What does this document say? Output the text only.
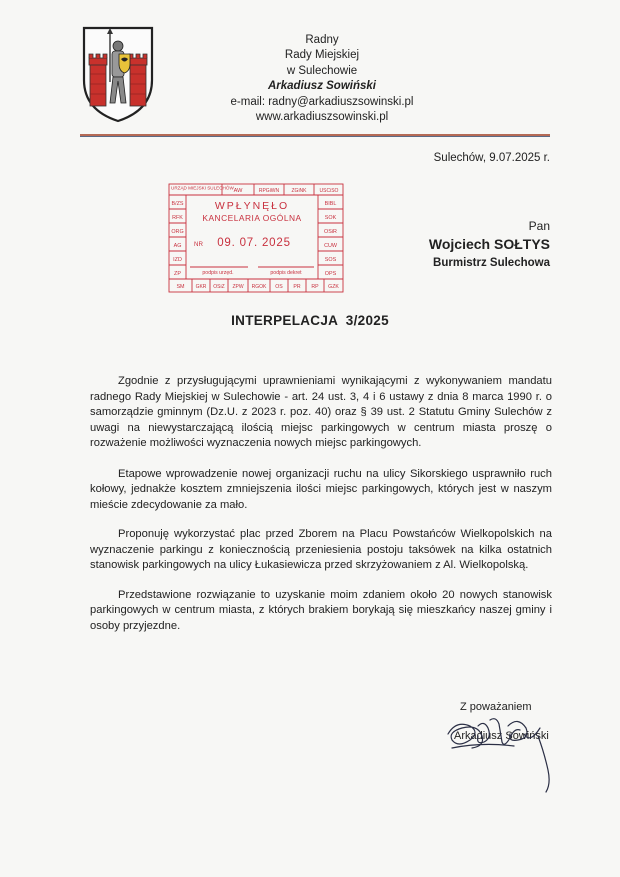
Radny
Rady Miejskiej
w Sulechowie
Arkadiusz Sowiński
e-mail: radny@arkadiuszsowinski.pl
www.arkadiuszsowinski.pl
Sulechów, 9.07.2025 r.
URZĄD MIEJSKI SULECHÓW AW	RPGiWN ZGiNK	USCiSO
B/ZS
RFK
ORG
AG
IZD
ZP
BIBL
SOK
OSiR
CUW
SOS
OPS
WPŁYNĘŁO
KANCELARIA OGÓLNA
NR 09. 07. 2025
podpis urzęd.	podpis dekret
SM GKR OSiZ ZPW RGOK OS PR RP GZK
Pan
Wojciech SOŁTYS
Burmistrz Sulechowa
INTERPELACJA  3/2025

Zgodnie z przysługującymi uprawnieniami wynikającymi z wykonywaniem mandatu radnego Rady Miejskiej w Sulechowie - art. 24 ust. 3, 4 i 6 ustawy z dnia 8 marca 1990 r. o samorządzie gminnym (Dz.U. z 2023 r. poz. 40) oraz § 39 ust. 2 Statutu Gminy Sulechów z uwagi na niewystarczającą ilością miejsc parkingowych w centrum miasta proszę o rozważenie możliwości wyznaczenia nowych miejsc parkingowych.

Etapowe wprowadzenie nowej organizacji ruchu na ulicy Sikorskiego usprawniło ruch kołowy, jednakże kosztem zmniejszenia ilości miejsc parkingowych, których jest w naszym mieście zdecydowanie za mało.

Proponuję wykorzystać plac przed Zborem na Placu Powstańców Wielkopolskich na wyznaczenie parkingu z koniecznością przeniesienia postoju taksówek na kilka ostatnich stanowisk parkingowych na ulicy Łukasiewicza przed skrzyżowaniem z Al. Wielkopolską.

Przedstawione rozwiązanie to uzyskanie moim zdaniem około 20 nowych stanowisk parkingowych w centrum miasta, z których brakiem borykają się mieszkańcy naszej gminy i osoby przyjezdne.

Z poważaniem
Arkadiusz Sowiński
